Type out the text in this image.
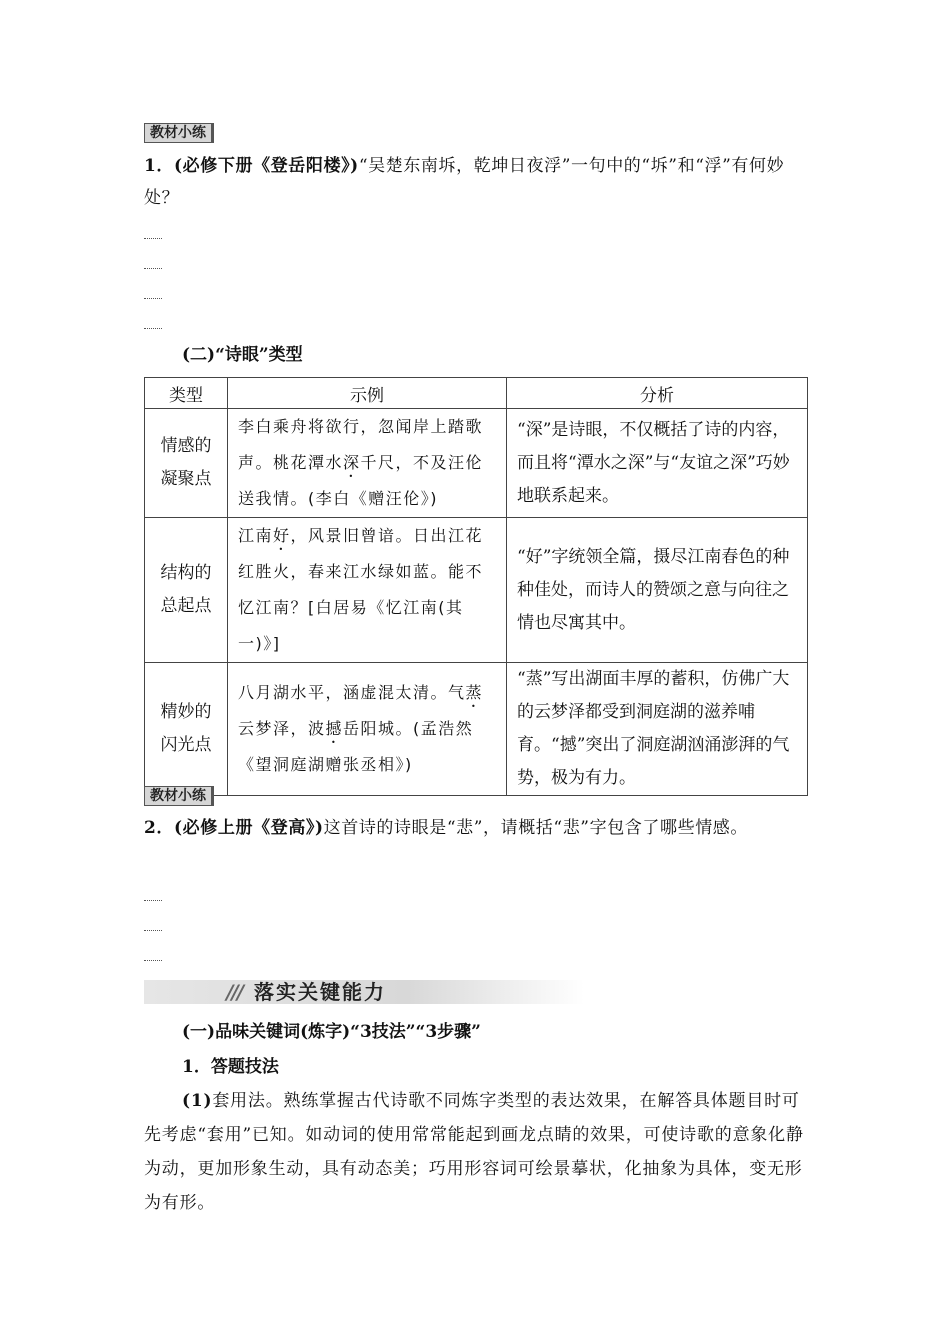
教材小练
1．(必修下册《登岳阳楼》)“吴楚东南坼，乾坤日夜浮”一句中的“坼”和“浮”有何妙处？
(二)“诗眼”类型
类型	示例	分析

情感的凝聚点	李白乘舟将欲行，忽闻岸上踏歌声。桃花潭水深千尺，不及汪伦送我情。(李白《赠汪伦》)	“深”是诗眼，不仅概括了诗的内容，而且将“潭水之深”与“友谊之深”巧妙地联系起来。

结构的总起点	江南好，风景旧曾谙。日出江花红胜火，春来江水绿如蓝。能不忆江南？[白居易《忆江南(其一)》]	“好”字统领全篇，摄尽江南春色的种种佳处，而诗人的赞颂之意与向往之情也尽寓其中。

精妙的闪光点	八月湖水平，涵虚混太清。气蒸云梦泽，波撼岳阳城。(孟浩然《望洞庭湖赠张丞相》)	“蒸”写出湖面丰厚的蓄积，仿佛广大的云梦泽都受到洞庭湖的滋养哺育。“撼”突出了洞庭湖汹涌澎湃的气势，极为有力。
教材小练
2．(必修上册《登高》)这首诗的诗眼是“悲”，请概括“悲”字包含了哪些情感。
/// 落实关键能力
(一)品味关键词(炼字)“3技法”“3步骤”
1．答题技法
(1)套用法。熟练掌握古代诗歌不同炼字类型的表达效果，在解答具体题目时可先考虑“套用”已知。如动词的使用常常能起到画龙点睛的效果，可使诗歌的意象化静为动，更加形象生动，具有动态美；巧用形容词可绘景摹状，化抽象为具体，变无形为有形。
